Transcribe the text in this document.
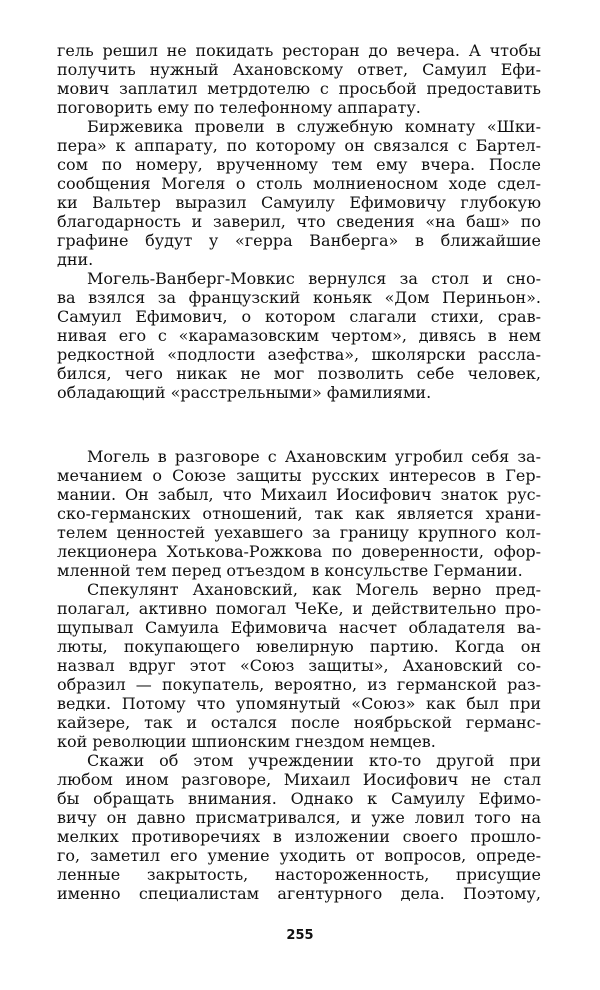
гель решил не покидать ресторан до вечера. А чтобы
получить нужный Ахановскому ответ, Самуил Ефи-
мович заплатил метрдотелю с просьбой предоставить
поговорить ему по телефонному аппарату.
Биржевика провели в служебную комнату «Шки-
пера» к аппарату, по которому он связался с Бартел-
сом по номеру, врученному тем ему вчера. После
сообщения Могеля о столь молниеносном ходе сдел-
ки Вальтер выразил Самуилу Ефимовичу глубокую
благодарность и заверил, что сведения «на баш» по
графине будут у «герра Ванберга» в ближайшие
дни.
Могель-Ванберг-Мовкис вернулся за стол и сно-
ва взялся за французский коньяк «Дом Периньон».
Самуил Ефимович, о котором слагали стихи, срав-
нивая его с «карамазовским чертом», дивясь в нем
редкостной «подлости азефства», школярски рассла-
бился, чего никак не мог позволить себе человек,
обладающий «расстрельными» фамилиями.
Могель в разговоре с Ахановским угробил себя за-
мечанием о Союзе защиты русских интересов в Гер-
мании. Он забыл, что Михаил Иосифович знаток рус-
ско-германских отношений, так как является храни-
телем ценностей уехавшего за границу крупного кол-
лекционера Хотькова-Рожкова по доверенности, офор-
мленной тем перед отъездом в консульстве Германии.
Спекулянт Ахановский, как Могель верно пред-
полагал, активно помогал ЧеКе, и действительно про-
щупывал Самуила Ефимовича насчет обладателя ва-
люты, покупающего ювелирную партию. Когда он
назвал вдруг этот «Союз защиты», Ахановский со-
образил — покупатель, вероятно, из германской раз-
ведки. Потому что упомянутый «Союз» как был при
кайзере, так и остался после ноябрьской германс-
кой революции шпионским гнездом немцев.
Скажи об этом учреждении кто-то другой при
любом ином разговоре, Михаил Иосифович не стал
бы обращать внимания. Однако к Самуилу Ефимо-
вичу он давно присматривался, и уже ловил того на
мелких противоречиях в изложении своего прошло-
го, заметил его умение уходить от вопросов, опреде-
ленные закрытость, настороженность, присущие
именно специалистам агентурного дела. Поэтому,
255
